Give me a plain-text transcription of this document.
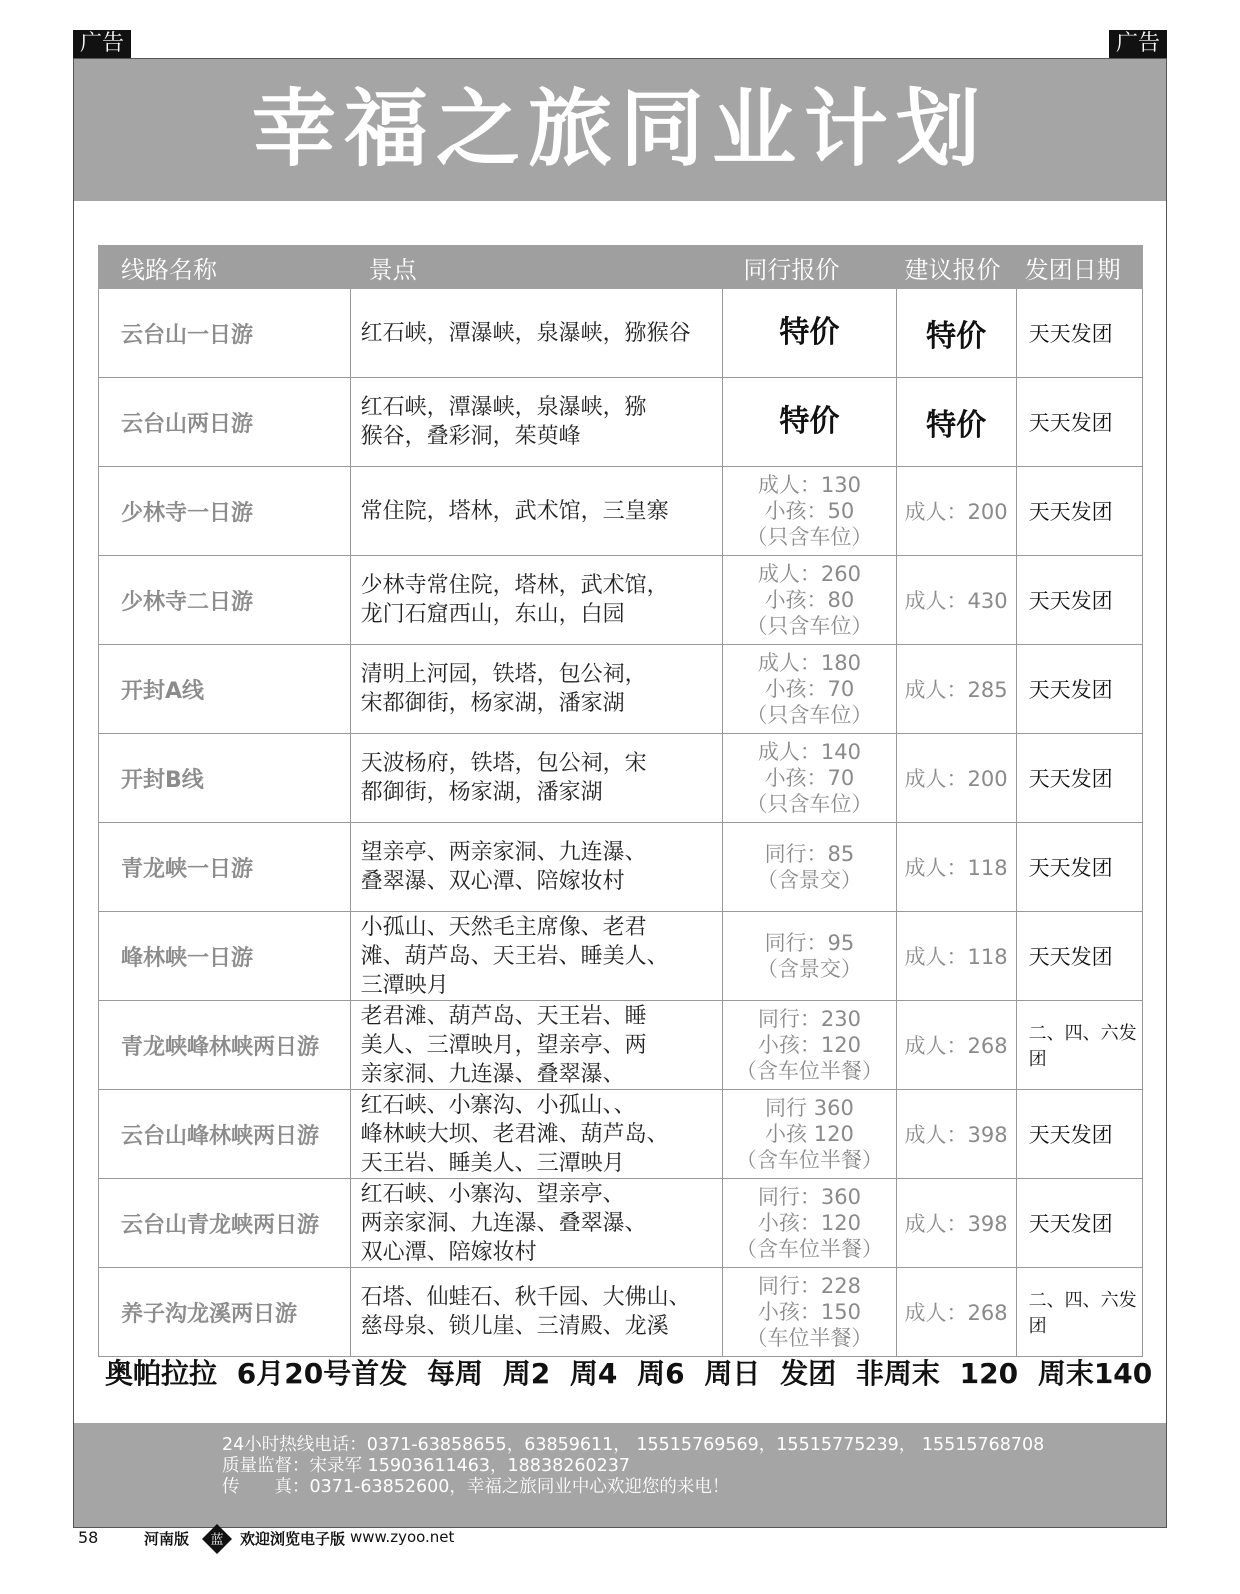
广告	广告
幸福之旅同业计划
线路名称	景点	同行报价	建议报价	发团日期
云台山一日游	红石峡，潭瀑峡，泉瀑峡，猕猴谷	特价	特价	天天发团
云台山两日游	红石峡，潭瀑峡，泉瀑峡，猕
猴谷，叠彩洞，茱萸峰	特价	特价	天天发团
少林寺一日游	常住院，塔林，武术馆，三皇寨	成人：130
小孩：50
（只含车位）	成人：200	天天发团
少林寺二日游	少林寺常住院，塔林，武术馆，
龙门石窟西山，东山，白园	成人：260
小孩：80
（只含车位）	成人：430	天天发团
开封A线	清明上河园，铁塔，包公祠，
宋都御街，杨家湖，潘家湖	成人：180
小孩：70
（只含车位）	成人：285	天天发团
开封B线	天波杨府，铁塔，包公祠，宋
都御街，杨家湖，潘家湖	成人：140
小孩：70
（只含车位）	成人：200	天天发团
青龙峡一日游	望亲亭、两亲家洞、九连瀑、
叠翠瀑、双心潭、陪嫁妆村	同行：85
（含景交）	成人：118	天天发团
峰林峡一日游	小孤山、天然毛主席像、老君
滩、葫芦岛、天王岩、睡美人、
三潭映月	同行：95
（含景交）	成人：118	天天发团
青龙峡峰林峡两日游	老君滩、葫芦岛、天王岩、睡
美人、三潭映月，望亲亭、两
亲家洞、九连瀑、叠翠瀑、	同行：230
小孩：120
（含车位半餐）	成人：268	二、四、六发团
云台山峰林峡两日游	红石峡、小寨沟、小孤山、、
峰林峡大坝、老君滩、葫芦岛、
天王岩、睡美人、三潭映月	同行 360
小孩 120
（含车位半餐）	成人：398	天天发团
云台山青龙峡两日游	红石峡、小寨沟、望亲亭、
两亲家洞、九连瀑、叠翠瀑、
双心潭、陪嫁妆村	同行：360
小孩：120
（含车位半餐）	成人：398	天天发团
养子沟龙溪两日游	石塔、仙蛙石、秋千园、大佛山、
慈母泉、锁儿崖、三清殿、龙溪	同行：228
小孩：150
（车位半餐）	成人：268	二、四、六发团
奥帕拉拉 6月20号首发 每周 周2 周4 周6 周日 发团 非周末 120 周末140
24小时热线电话：0371-63858655，63859611， 15515769569，15515775239， 15515768708
质量监督：宋录军 15903611463，18838260237
传　　真：0371-63852600，幸福之旅同业中心欢迎您的来电！
58	河南版 蓝 欢迎浏览电子版 www.zyoo.net
